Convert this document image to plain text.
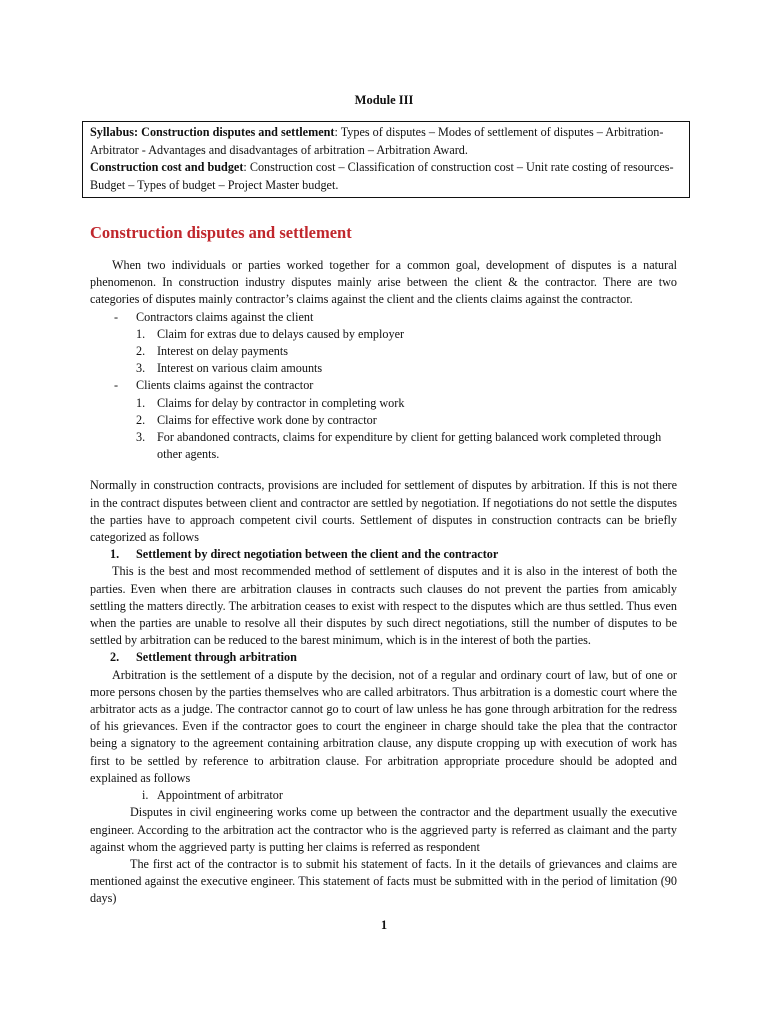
Module III

Syllabus: Construction disputes and settlement: Types of disputes – Modes of settlement of disputes – Arbitration- Arbitrator - Advantages and disadvantages of arbitration – Arbitration Award.

Construction cost and budget: Construction cost – Classification of construction cost – Unit rate costing of resources- Budget – Types of budget – Project Master budget.

Construction disputes and settlement

When two individuals or parties worked together for a common goal, development of disputes is a natural phenomenon. In construction industry disputes mainly arise between the client & the contractor. There are two categories of disputes mainly contractor’s claims against the client and the clients claims against the contractor.

- Contractors claims against the client
1. Claim for extras due to delays caused by employer
2. Interest on delay payments
3. Interest on various claim amounts
- Clients claims against the contractor
1. Claims for delay by contractor in completing work
2. Claims for effective work done by contractor
3. For abandoned contracts, claims for expenditure by client for getting balanced work completed through other agents.

Normally in construction contracts, provisions are included for settlement of disputes by arbitration. If this is not there in the contract disputes between client and contractor are settled by negotiation. If negotiations do not settle the disputes the parties have to approach competent civil courts. Settlement of disputes in construction contracts can be briefly categorized as follows

1. Settlement by direct negotiation between the client and the contractor

This is the best and most recommended method of settlement of disputes and it is also in the interest of both the parties. Even when there are arbitration clauses in contracts such clauses do not prevent the parties from amicably settling the matters directly. The arbitration ceases to exist with respect to the disputes which are thus settled. Thus even when the parties are unable to resolve all their disputes by such direct negotiations, still the number of disputes to be settled by arbitration can be reduced to the barest minimum, which is in the interest of both the parties.

2. Settlement through arbitration

Arbitration is the settlement of a dispute by the decision, not of a regular and ordinary court of law, but of one or more persons chosen by the parties themselves who are called arbitrators. Thus arbitration is a domestic court where the arbitrator acts as a judge. The contractor cannot go to court of law unless he has gone through arbitration for the redress of his grievances. Even if the contractor goes to court the engineer in charge should take the plea that the contractor being a signatory to the agreement containing arbitration clause, any dispute cropping up with execution of work has first to be settled by reference to arbitration clause. For arbitration appropriate procedure should be adopted and explained as follows

i. Appointment of arbitrator

Disputes in civil engineering works come up between the contractor and the department usually the executive engineer. According to the arbitration act the contractor who is the aggrieved party is referred as claimant and the party against whom the aggrieved party is putting her claims is referred as respondent

The first act of the contractor is to submit his statement of facts. In it the details of grievances and claims are mentioned against the executive engineer. This statement of facts must be submitted with in the period of limitation (90 days)

1
